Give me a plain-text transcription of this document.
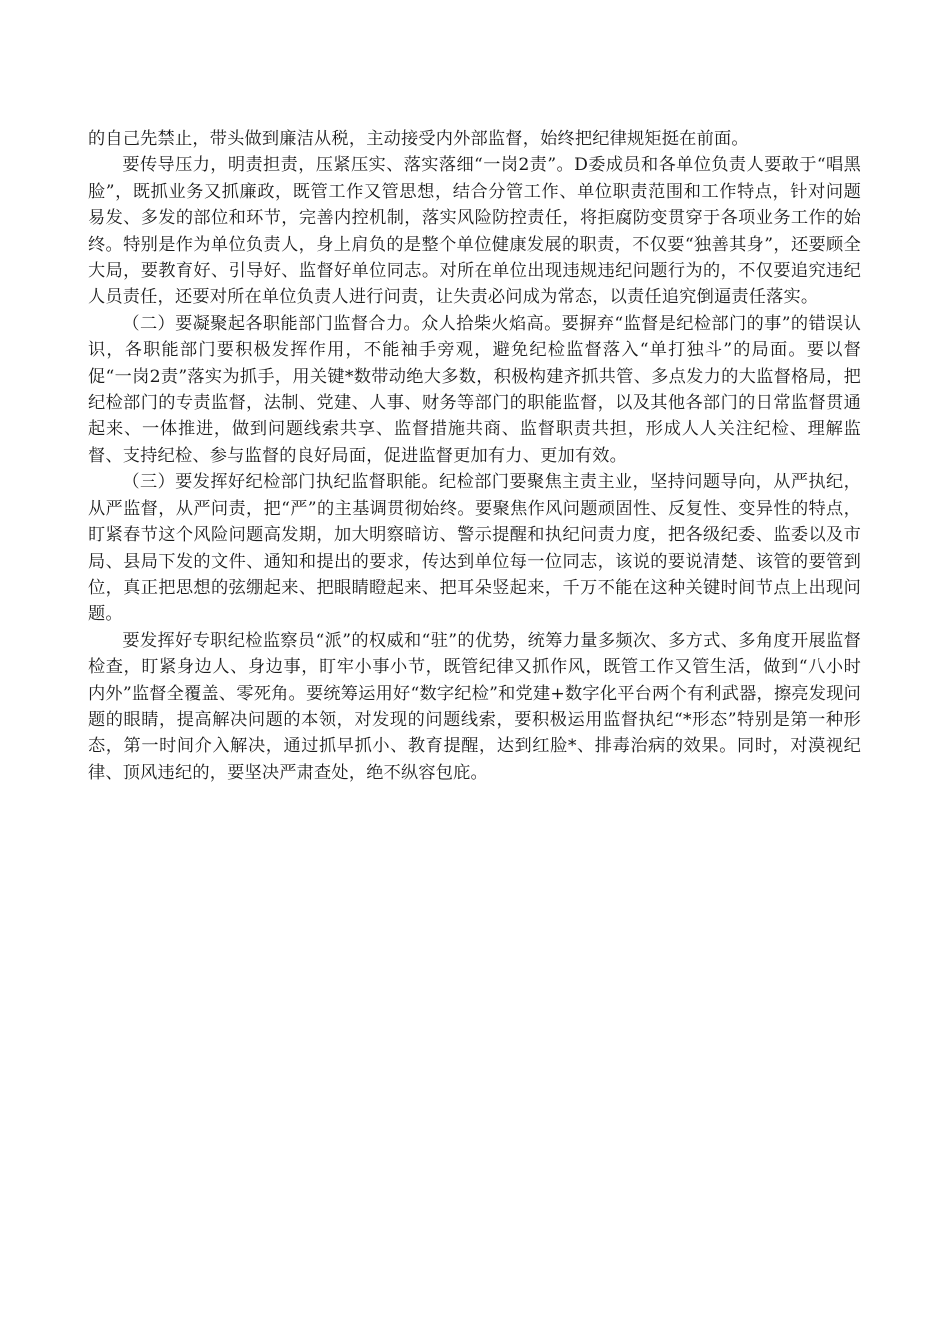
的自己先禁止，带头做到廉洁从税，主动接受内外部监督，始终把纪律规矩挺在前面。

要传导压力，明责担责，压紧压实、落实落细“一岗2责”。D委成员和各单位负责人要敢于“唱黑脸”，既抓业务又抓廉政，既管工作又管思想，结合分管工作、单位职责范围和工作特点，针对问题易发、多发的部位和环节，完善内控机制，落实风险防控责任，将拒腐防变贯穿于各项业务工作的始终。特别是作为单位负责人，身上肩负的是整个单位健康发展的职责，不仅要“独善其身”，还要顾全大局，要教育好、引导好、监督好单位同志。对所在单位出现违规违纪问题行为的，不仅要追究违纪人员责任，还要对所在单位负责人进行问责，让失责必问成为常态，以责任追究倒逼责任落实。

（二）要凝聚起各职能部门监督合力。众人拾柴火焰高。要摒弃“监督是纪检部门的事”的错误认识，各职能部门要积极发挥作用，不能袖手旁观，避免纪检监督落入“单打独斗”的局面。要以督促“一岗2责”落实为抓手，用关键*数带动绝大多数，积极构建齐抓共管、多点发力的大监督格局，把纪检部门的专责监督，法制、党建、人事、财务等部门的职能监督，以及其他各部门的日常监督贯通起来、一体推进，做到问题线索共享、监督措施共商、监督职责共担，形成人人关注纪检、理解监督、支持纪检、参与监督的良好局面，促进监督更加有力、更加有效。

（三）要发挥好纪检部门执纪监督职能。纪检部门要聚焦主责主业，坚持问题导向，从严执纪，从严监督，从严问责，把“严”的主基调贯彻始终。要聚焦作风问题顽固性、反复性、变异性的特点，盯紧春节这个风险问题高发期，加大明察暗访、警示提醒和执纪问责力度，把各级纪委、监委以及市局、县局下发的文件、通知和提出的要求，传达到单位每一位同志，该说的要说清楚、该管的要管到位，真正把思想的弦绷起来、把眼睛瞪起来、把耳朵竖起来，千万不能在这种关键时间节点上出现问题。

要发挥好专职纪检监察员“派”的权威和“驻”的优势，统筹力量多频次、多方式、多角度开展监督检查，盯紧身边人、身边事，盯牢小事小节，既管纪律又抓作风，既管工作又管生活，做到“八小时内外”监督全覆盖、零死角。要统筹运用好“数字纪检”和党建+数字化平台两个有利武器，擦亮发现问题的眼睛，提高解决问题的本领，对发现的问题线索，要积极运用监督执纪“*形态”特别是第一种形态，第一时间介入解决，通过抓早抓小、教育提醒，达到红脸*、排毒治病的效果。同时，对漠视纪律、顶风违纪的，要坚决严肃查处，绝不纵容包庇。
